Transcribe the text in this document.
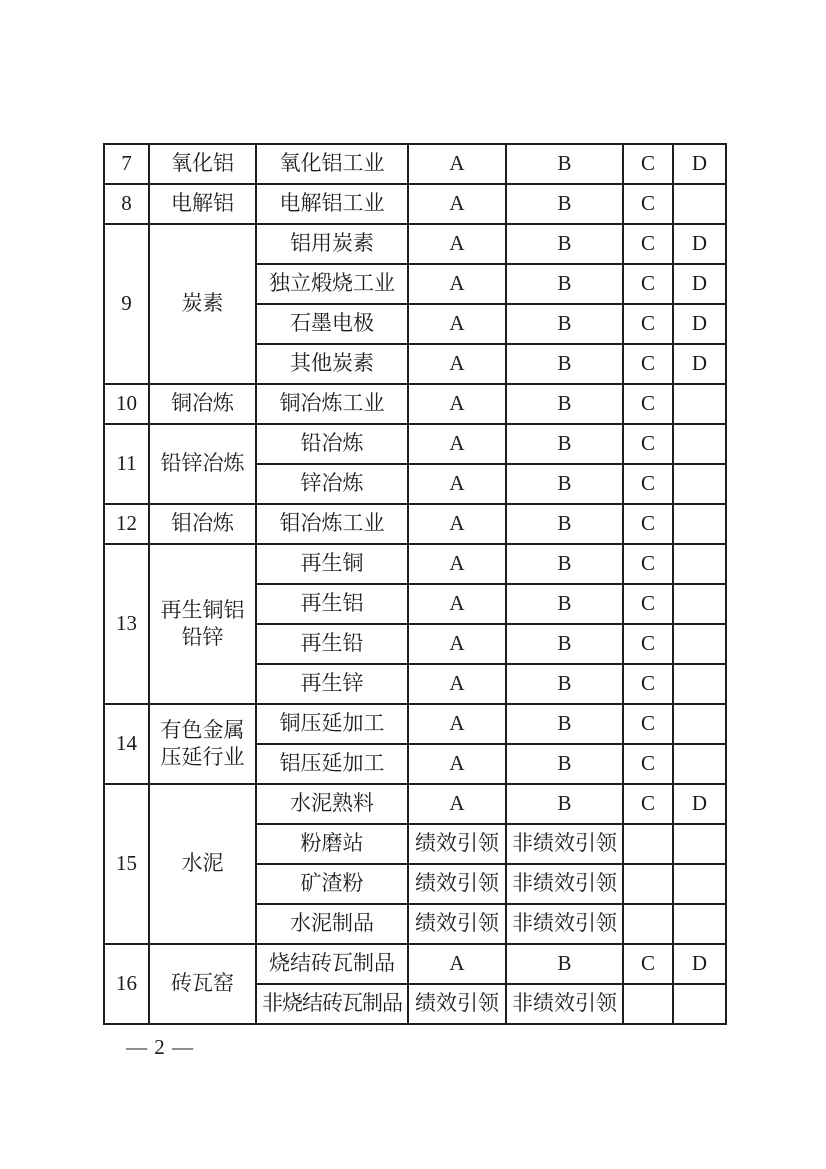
7	氧化铝	氧化铝工业	A	B	C	D
8	电解铝	电解铝工业	A	B	C	
9	炭素	铝用炭素	A	B	C	D
		独立煅烧工业	A	B	C	D
		石墨电极	A	B	C	D
		其他炭素	A	B	C	D
10	铜冶炼	铜冶炼工业	A	B	C	
11	铅锌冶炼	铅冶炼	A	B	C	
		锌冶炼	A	B	C	
12	钼冶炼	钼冶炼工业	A	B	C	
13	再生铜铝铅锌	再生铜	A	B	C	
		再生铝	A	B	C	
		再生铅	A	B	C	
		再生锌	A	B	C	
14	有色金属压延行业	铜压延加工	A	B	C	
		铝压延加工	A	B	C	
15	水泥	水泥熟料	A	B	C	D
		粉磨站	绩效引领	非绩效引领		
		矿渣粉	绩效引领	非绩效引领		
		水泥制品	绩效引领	非绩效引领		
16	砖瓦窑	烧结砖瓦制品	A	B	C	D
		非烧结砖瓦制品	绩效引领	非绩效引领		
— 2 —
